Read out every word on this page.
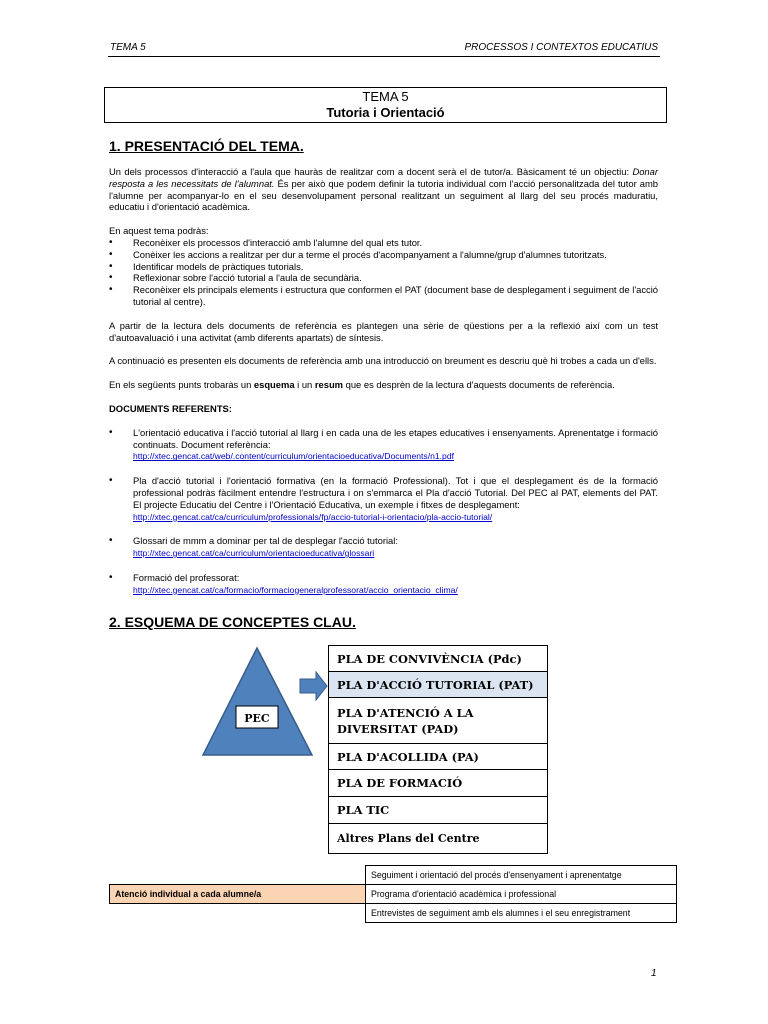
TEMA 5	PROCESSOS I CONTEXTOS EDUCATIUS
TEMA 5
Tutoria i Orientació
1. PRESENTACIÓ DEL TEMA.

Un dels processos d'interacció a l'aula que hauràs de realitzar com a docent serà el de tutor/a. Bàsicament té un objectiu: Donar resposta a les necessitats de l'alumnat. És per això que podem definir la tutoria individual com l'acció personalitzada del tutor amb l'alumne per acompanyar-lo en el seu desenvolupament personal realitzant un seguiment al llarg del seu procés maduratiu, educatiu i d'orientació acadèmica.

En aquest tema podràs:

• Reconèixer els processos d'interacció amb l'alumne del qual ets tutor.

• Conèixer les accions a realitzar per dur a terme el procés d'acompanyament a l'alumne/grup d'alumnes tutoritzats.

• Identificar models de pràctiques tutorials.

• Reflexionar sobre l'acció tutorial a l'aula de secundària.

• Reconèixer els principals elements i estructura que conformen el PAT (document base de desplegament i seguiment de l'acció tutorial al centre).

A partir de la lectura dels documents de referència es plantegen una sèrie de qüestions per a la reflexió així com un test d'autoavaluació i una activitat (amb diferents apartats) de síntesis.

A continuació es presenten els documents de referència amb una introducció on breument es descriu què hi trobes a cada un d'ells.

En els següents punts trobaràs un esquema i un resum que es desprèn de la lectura d'aquests documents de referència.

DOCUMENTS REFERENTS:

• L'orientació educativa i l'acció tutorial al llarg i en cada una de les etapes educatives i ensenyaments. Aprenentatge i formació continuats. Document referència:
http://xtec.gencat.cat/web/.content/curriculum/orientacioeducativa/Documents/n1.pdf
• Pla d'acció tutorial i l'orientació formativa (en la formació Professional). Tot i que el desplegament és de la formació professional podràs fàcilment entendre l'estructura i on s'emmarca el Pla d'acció Tutorial. Del PEC al PAT, elements del PAT. El projecte Educatiu del Centre i l'Orientació Educativa, un exemple i fitxes de desplegament:
http://xtec.gencat.cat/ca/curriculum/professionals/fp/accio-tutorial-i-orientacio/pla-accio-tutorial/
• Glossari de mmm a dominar per tal de desplegar l'acció tutorial:
http://xtec.gencat.cat/ca/curriculum/orientacioeducativa/glossari
• Formació del professorat:
http://xtec.gencat.cat/ca/formacio/formaciogeneralprofessorat/accio_orientacio_clima/
2. ESQUEMA DE CONCEPTES CLAU.
PEC
PLA DE CONVIVÈNCIA (Pdc)
PLA D'ACCIÓ TUTORIAL (PAT)
PLA D'ATENCIÓ A LA DIVERSITAT (PAD)
PLA D'ACOLLIDA (PA)
PLA DE FORMACIÓ
PLA TIC
Altres Plans del Centre
	Seguiment i orientació del procés d'ensenyament i aprenentatge
Atenció individual a cada alumne/a	Programa d'orientació acadèmica i professional
	Entrevistes de seguiment amb els alumnes i el seu enregistrament
1
